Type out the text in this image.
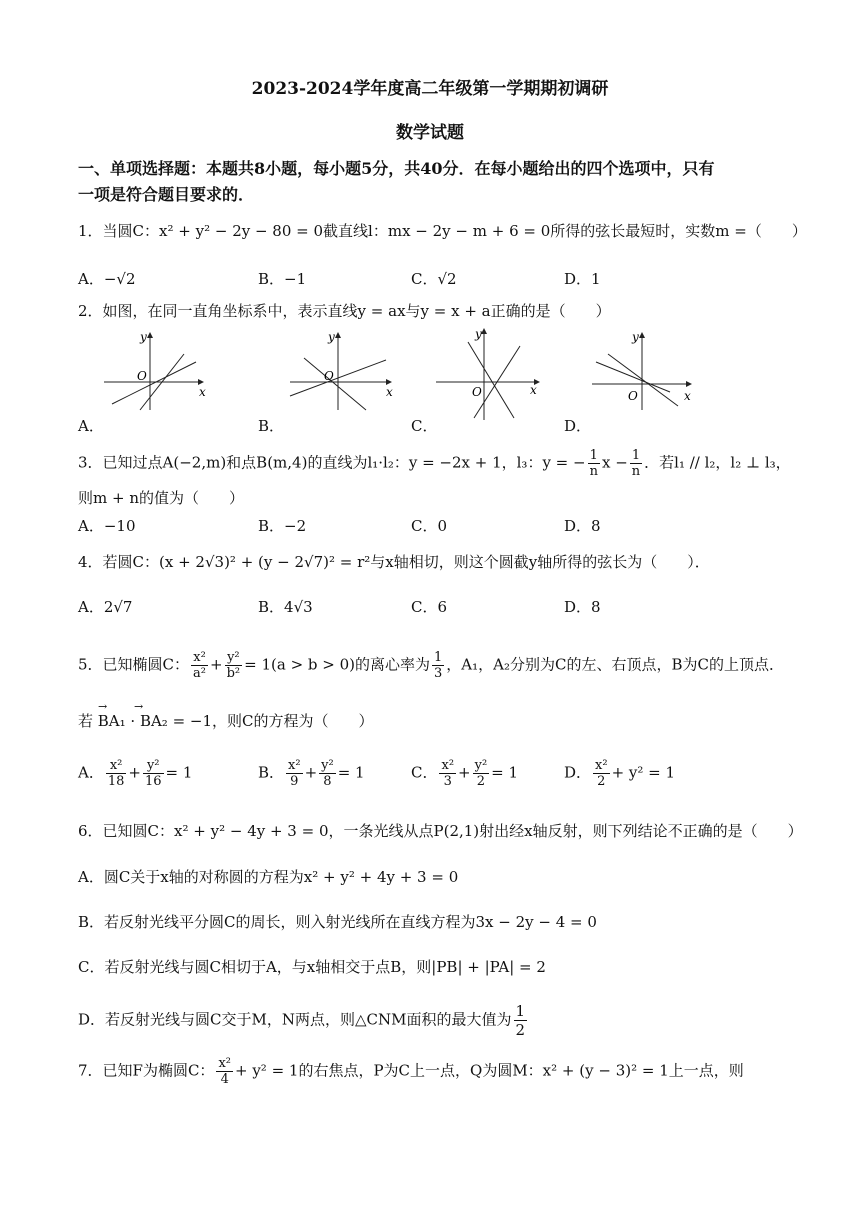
2023-2024学年度高二年级第一学期期初调研
数学试题
一、单项选择题：本题共8小题，每小题5分，共40分．在每小题给出的四个选项中，只有
一项是符合题目要求的．
1．当圆C：x² + y² − 2y − 80 = 0截直线l：mx − 2y − m + 6 = 0所得的弦长最短时，实数m =（　　）
A．−√2	B．−1	C．√2	D．1
2．如图，在同一直角坐标系中，表示直线y = ax与y = x + a正确的是（　　）
y
x
O
y
x
O
y
x
O
y
x
O
A．	B．	C．	D．
3．已知过点A(−2,m)和点B(m,4)的直线为l₁·l₂：y = −2x + 1，l₃：y = − $\frac{1}{n}$ $x - \frac{1}{n}$ ．若l₁ // l₂，l₂ ⊥ l₃，
则m + n的值为（　　）
A．−10	B．−2	C．0	D．8
4．若圆C：(x + 2√3)² + (y − 2√7)² = r²与x轴相切，则这个圆截y轴所得的弦长为（　　）．
A．2√7	B．4√3	C．6	D．8
5．已知椭圆C： $\frac{\text{x²}}{\text{a²}} + \frac{\text{y²}}{\text{b²}} = 1(a > b > 0)$的离心率为 $\frac{1}{3}$ ，A₁，A₂分别为C的左、右顶点，B为C的上顶点．
若 BA₁ · BA₂ = −1，则C的方程为（　　）
→ →
A． $\frac{\text{x²}}{18} + \frac{\text{y²}}{16} = 1$	B． $\frac{\text{x²}}{9} + \frac{\text{y²}}{8} = 1$	C． $\frac{\text{x²}}{3} + \frac{\text{y²}}{2} = 1$	D． $\frac{\text{x²}}{2} + y^2 = 1$
6．已知圆C：x² + y² − 4y + 3 = 0，一条光线从点P(2,1)射出经x轴反射，则下列结论不正确的是（　　）
A．圆C关于x轴的对称圆的方程为x² + y² + 4y + 3 = 0
B．若反射光线平分圆C的周长，则入射光线所在直线方程为3x − 2y − 4 = 0
C．若反射光线与圆C相切于A，与x轴相交于点B，则|PB| + |PA| = 2
D．若反射光线与圆C交于M，N两点，则△CNM面积的最大值为 $\frac{1}{2}$
7．已知F为椭圆C： $\frac{\text{x²}}{4} + y^2 = 1$的右焦点，P为C上一点，Q为圆M：x² + (y − 3)² = 1上一点，则
